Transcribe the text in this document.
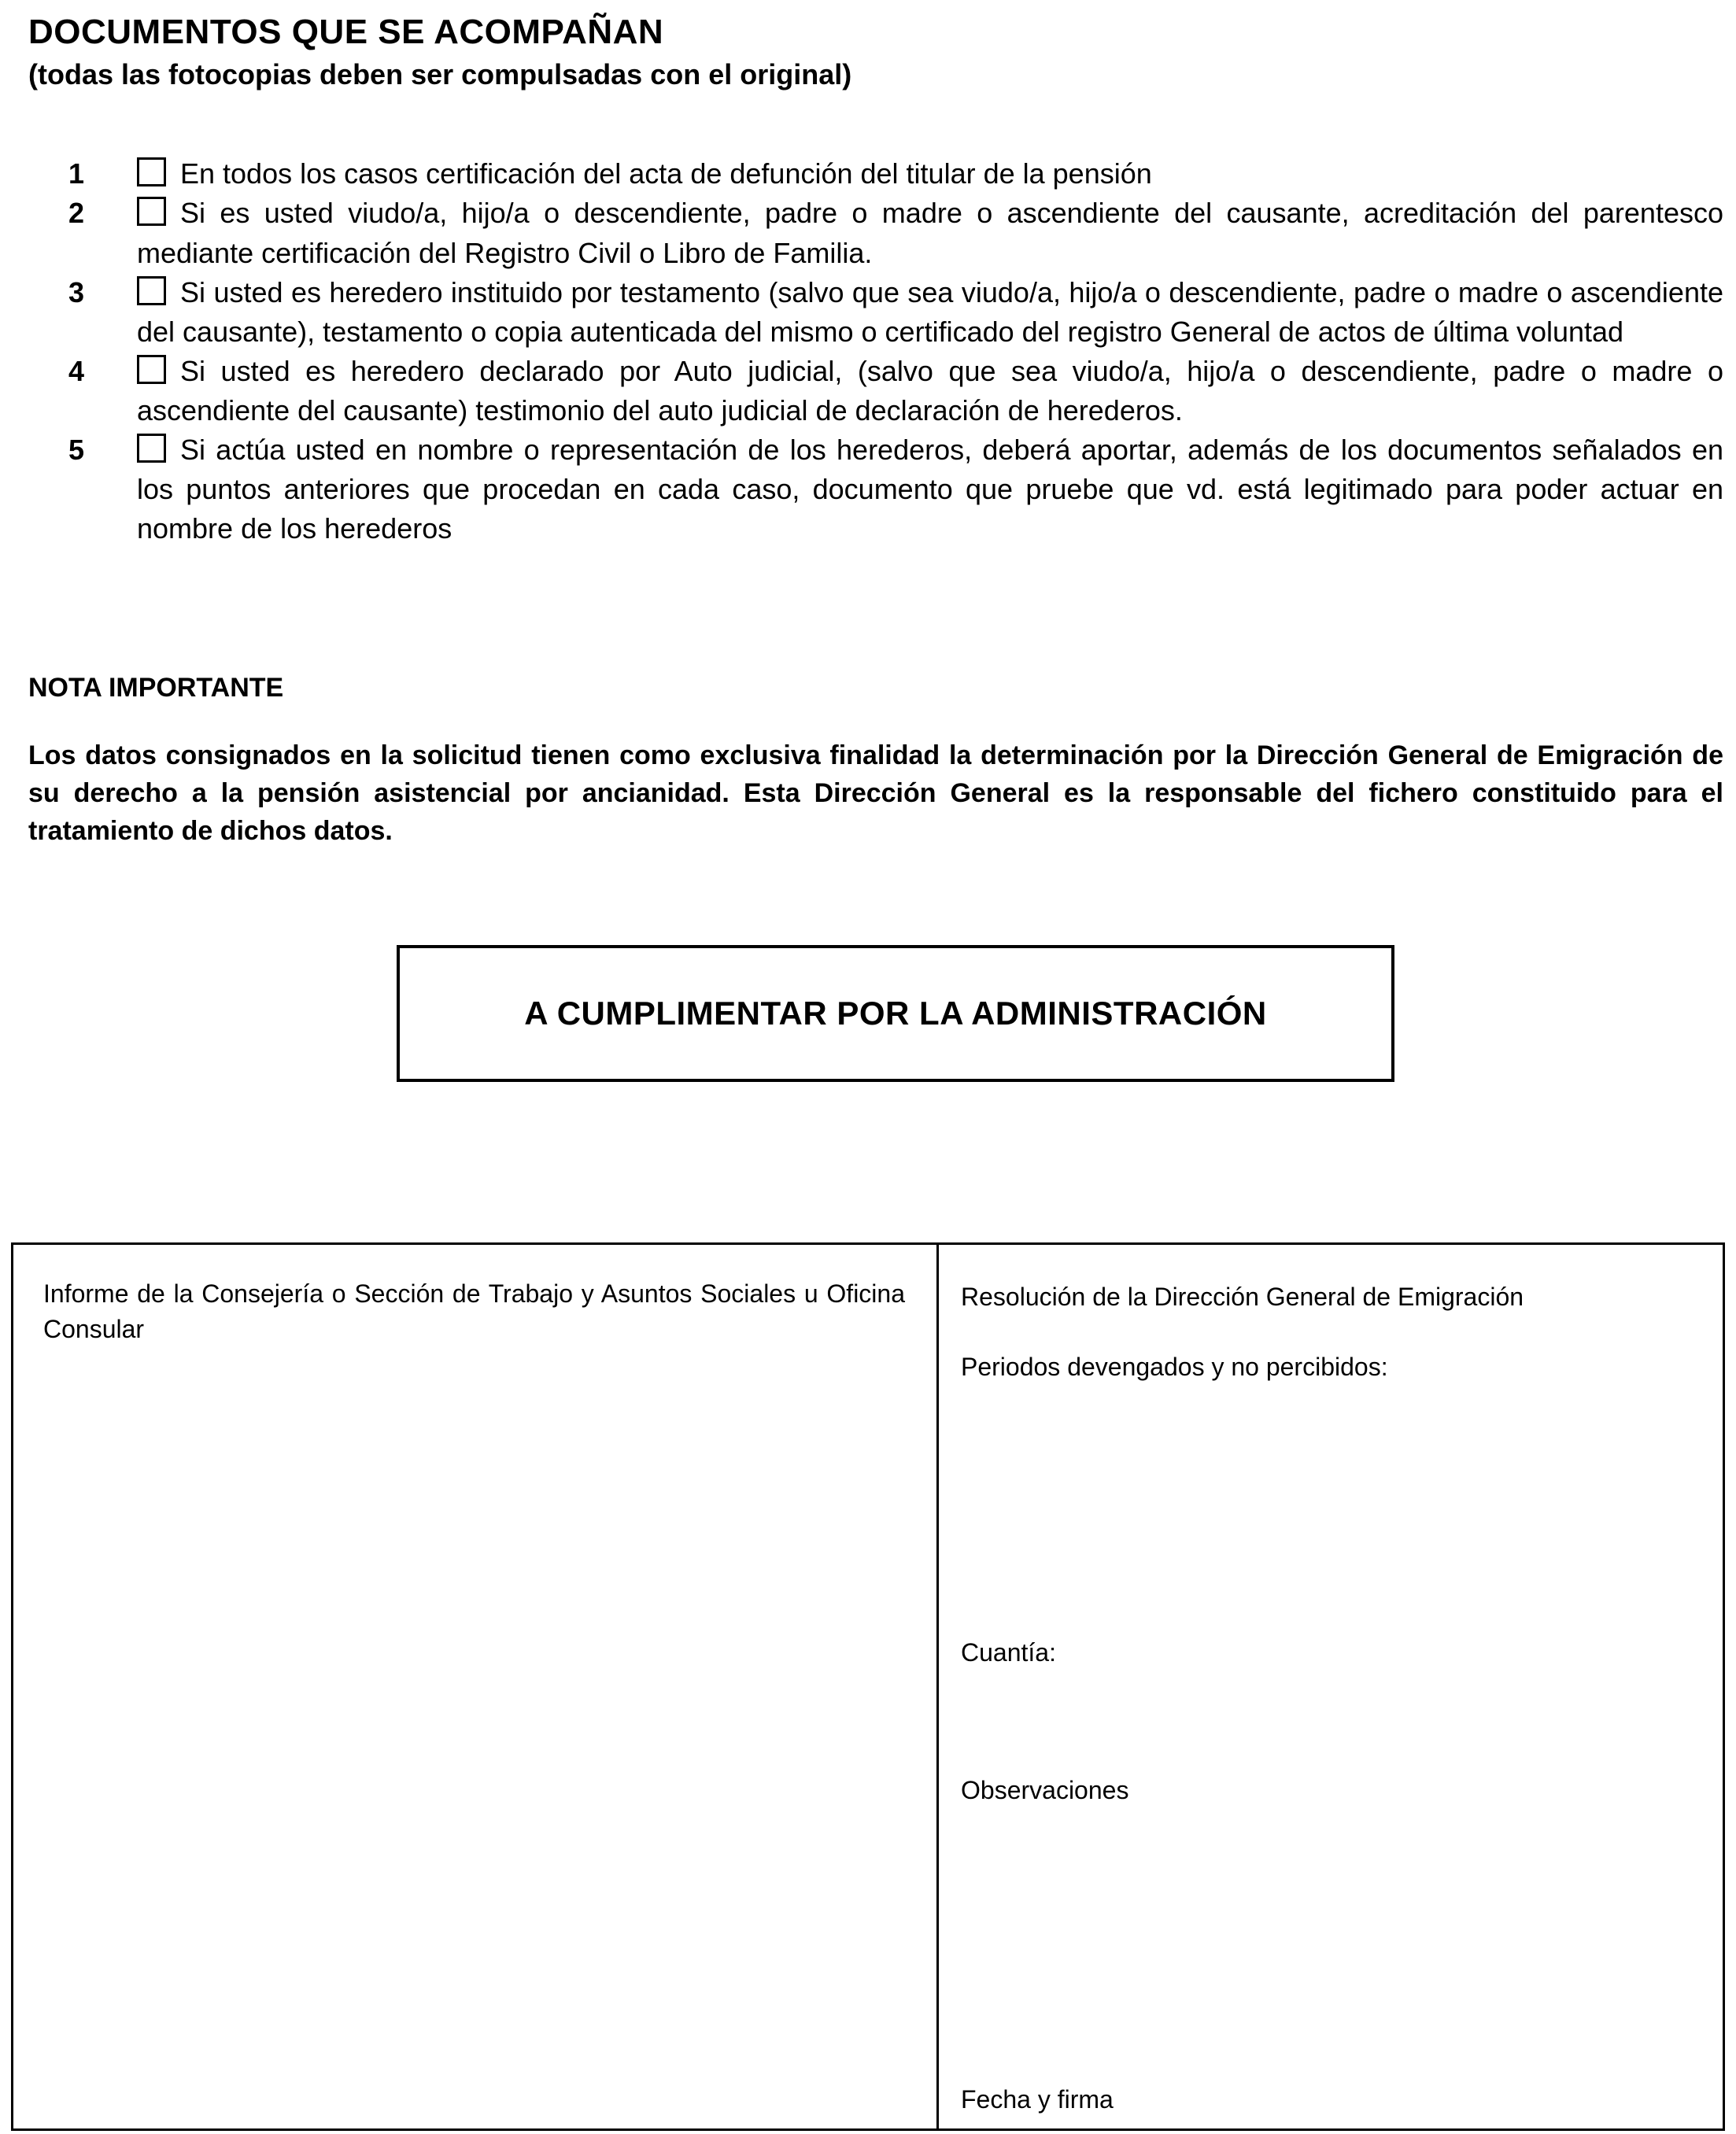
DOCUMENTOS QUE SE ACOMPAÑAN
(todas las fotocopias deben ser compulsadas con el original)
1	En todos los casos certificación del acta de defunción del titular de la pensión
2	Si es usted viudo/a, hijo/a o descendiente, padre o madre o ascendiente del causante, acreditación del parentesco mediante certificación del Registro Civil o Libro de Familia.
3	Si usted es heredero instituido por testamento (salvo que sea viudo/a, hijo/a o descendiente, padre o madre o ascendiente del causante), testamento o copia autenticada del mismo o certificado del registro General de actos de última voluntad
4	Si usted es heredero declarado por Auto judicial, (salvo que sea viudo/a, hijo/a o descendiente, padre o madre o ascendiente del causante) testimonio del auto judicial de declaración de herederos.
5	Si actúa usted en nombre o representación de los herederos, deberá aportar, además de los documentos señalados en los puntos anteriores que procedan en cada caso, documento que pruebe que vd. está legitimado para poder actuar en nombre de los herederos
NOTA IMPORTANTE
Los datos consignados en la solicitud tienen como exclusiva finalidad la determinación por la Dirección General de Emigración de su derecho a la pensión asistencial por ancianidad. Esta Dirección General es la responsable del fichero constituido para el tratamiento de dichos datos.
A CUMPLIMENTAR POR LA ADMINISTRACIÓN
Informe de la Consejería o Sección de Trabajo y Asuntos Sociales u Oficina Consular	
Resolución de la Dirección General de Emigración
Periodos devengados y no percibidos:
Cuantía:
Observaciones
Fecha y firma
